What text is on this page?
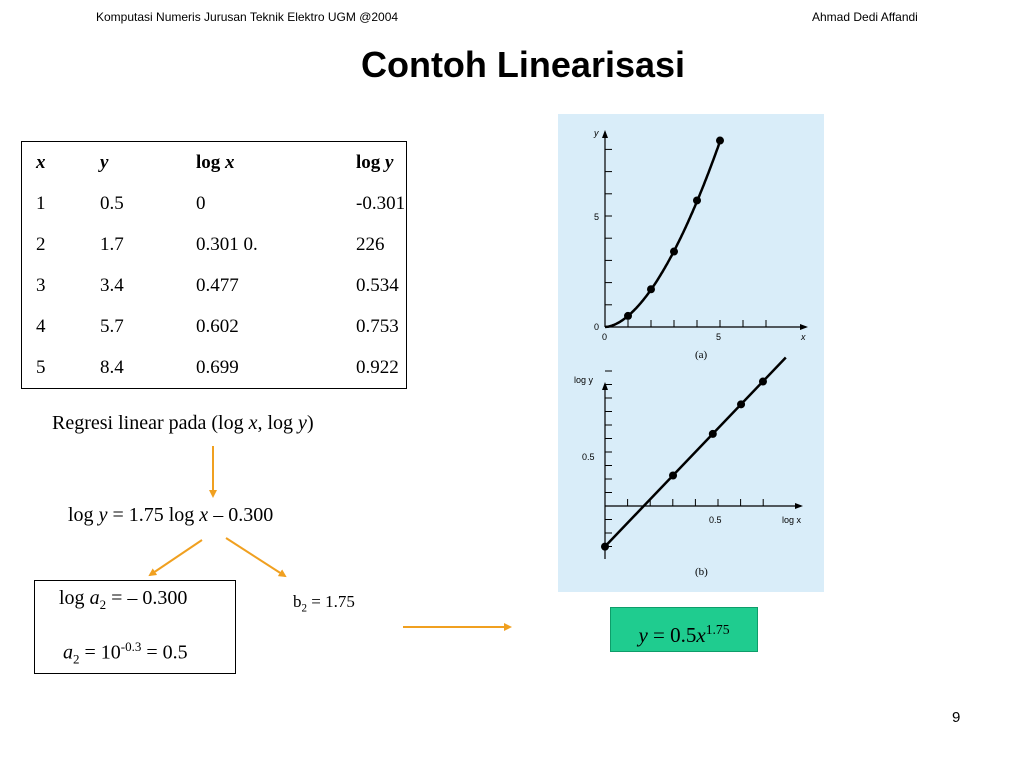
Komputasi Numeris Jurusan Teknik Elektro UGM @2004	Ahmad Dedi Affandi
Contoh Linearisasi
x	y	log x	log y
1	0.5	0	-0.301
2	1.7	0.301 0.	226
3	3.4	0.477	0.534
4	5.7	0.602	0.753
5	8.4	0.699	0.922
Regresi linear pada (log x, log y)
log y = 1.75 log x – 0.300
$\log a_2$ = – 0.300
$a_2 = 10^{-0.3} = 0.5$
$b_2 = 1.75$
$y = 0.5x^{1.75}$
y
x
0	5
0
5
(a)
log y
log x
0.5
0.5
(b)
9
